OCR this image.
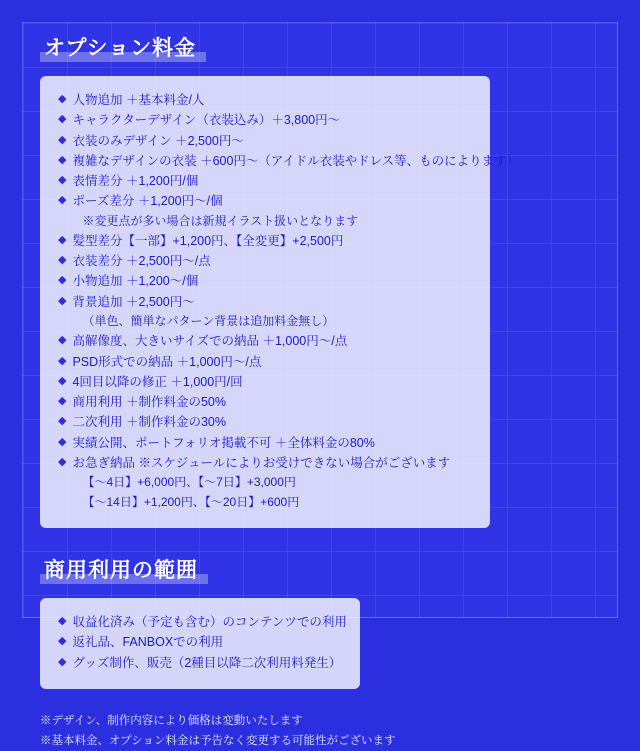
オプション料金
◆ 人物追加 ＋基本料金/人
◆ キャラクターデザイン（衣装込み）＋3,800円〜
◆ 衣装のみデザイン ＋2,500円〜
◆ 複雑なデザインの衣装 ＋600円〜（アイドル衣装やドレス等、ものによります）
◆ 表情差分 ＋1,200円/個
◆ ポーズ差分 ＋1,200円〜/個
※変更点が多い場合は新規イラスト扱いとなります
◆ 髪型差分【一部】+1,200円、【全変更】+2,500円
◆ 衣装差分 ＋2,500円〜/点
◆ 小物追加 ＋1,200〜/個
◆ 背景追加 ＋2,500円〜
（単色、簡単なパターン背景は追加料金無し）
◆ 高解像度、大きいサイズでの納品 ＋1,000円〜/点
◆ PSD形式での納品 ＋1,000円〜/点
◆ 4回目以降の修正 ＋1,000円/回
◆ 商用利用 ＋制作料金の50%
◆ 二次利用 ＋制作料金の30%
◆ 実績公開、ポートフォリオ掲載不可 ＋全体料金の80%
◆ お急ぎ納品 ※スケジュールによりお受けできない場合がございます
【〜4日】+6,000円、【〜7日】+3,000円
【〜14日】+1,200円、【〜20日】+600円
商用利用の範囲
◆ 収益化済み（予定も含む）のコンテンツでの利用
◆ 返礼品、FANBOXでの利用
◆ グッズ制作、販売（2種目以降二次利用料発生）
※デザイン、制作内容により価格は変動いたします
※基本料金、オプション料金は予告なく変更する可能性がございます
